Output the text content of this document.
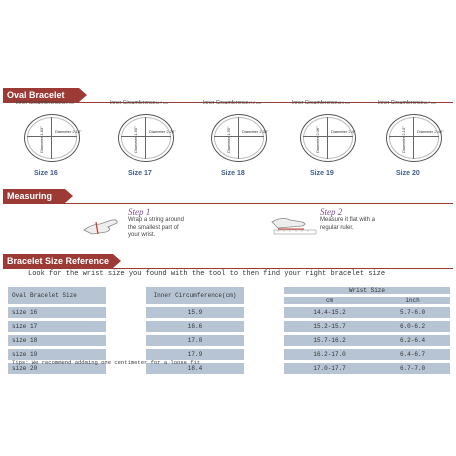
Oval Bracelet Size
Inner Circumference16.2 cm
Diameter 2.18"
Diameter 1.83"
Size 16
Inner Circumference16.7 cm
Diameter 2.24"
Diameter 1.90"
Size 17
Inner Circumference17.2 cm
Diameter 2.30"
Diameter 1.95"
Size 18
Inner Circumference18.0 cm
Diameter 2.4"
Diameter 2.06"
Size 19
Inner Circumference18.7 cm
Diameter 2.46"
Diameter 2.10"
Size 20
Measuring Guide	Step 1
Wrap a string around the smallest part of your wrist.
Step 2
Measure it flat with a regular ruler.
Bracelet Size Reference Table
Look for the wrist size you found with the tool to then find your right bracelet size
Oval Bracelet Size		Inner Circumference(cm)		Wrist Size	
				cm	inch
size 16		15.9		14.4-15.2	5.7-6.0
size 17		16.6		15.2-15.7	6.0-6.2
size 18		17.0		15.7-16.2	6.2-6.4
size 19		17.9		16.2-17.0	6.4-6.7
size 20		18.4		17.0-17.7	6.7-7.0
Tips: We recommend addming one centimeter for a loose fit
